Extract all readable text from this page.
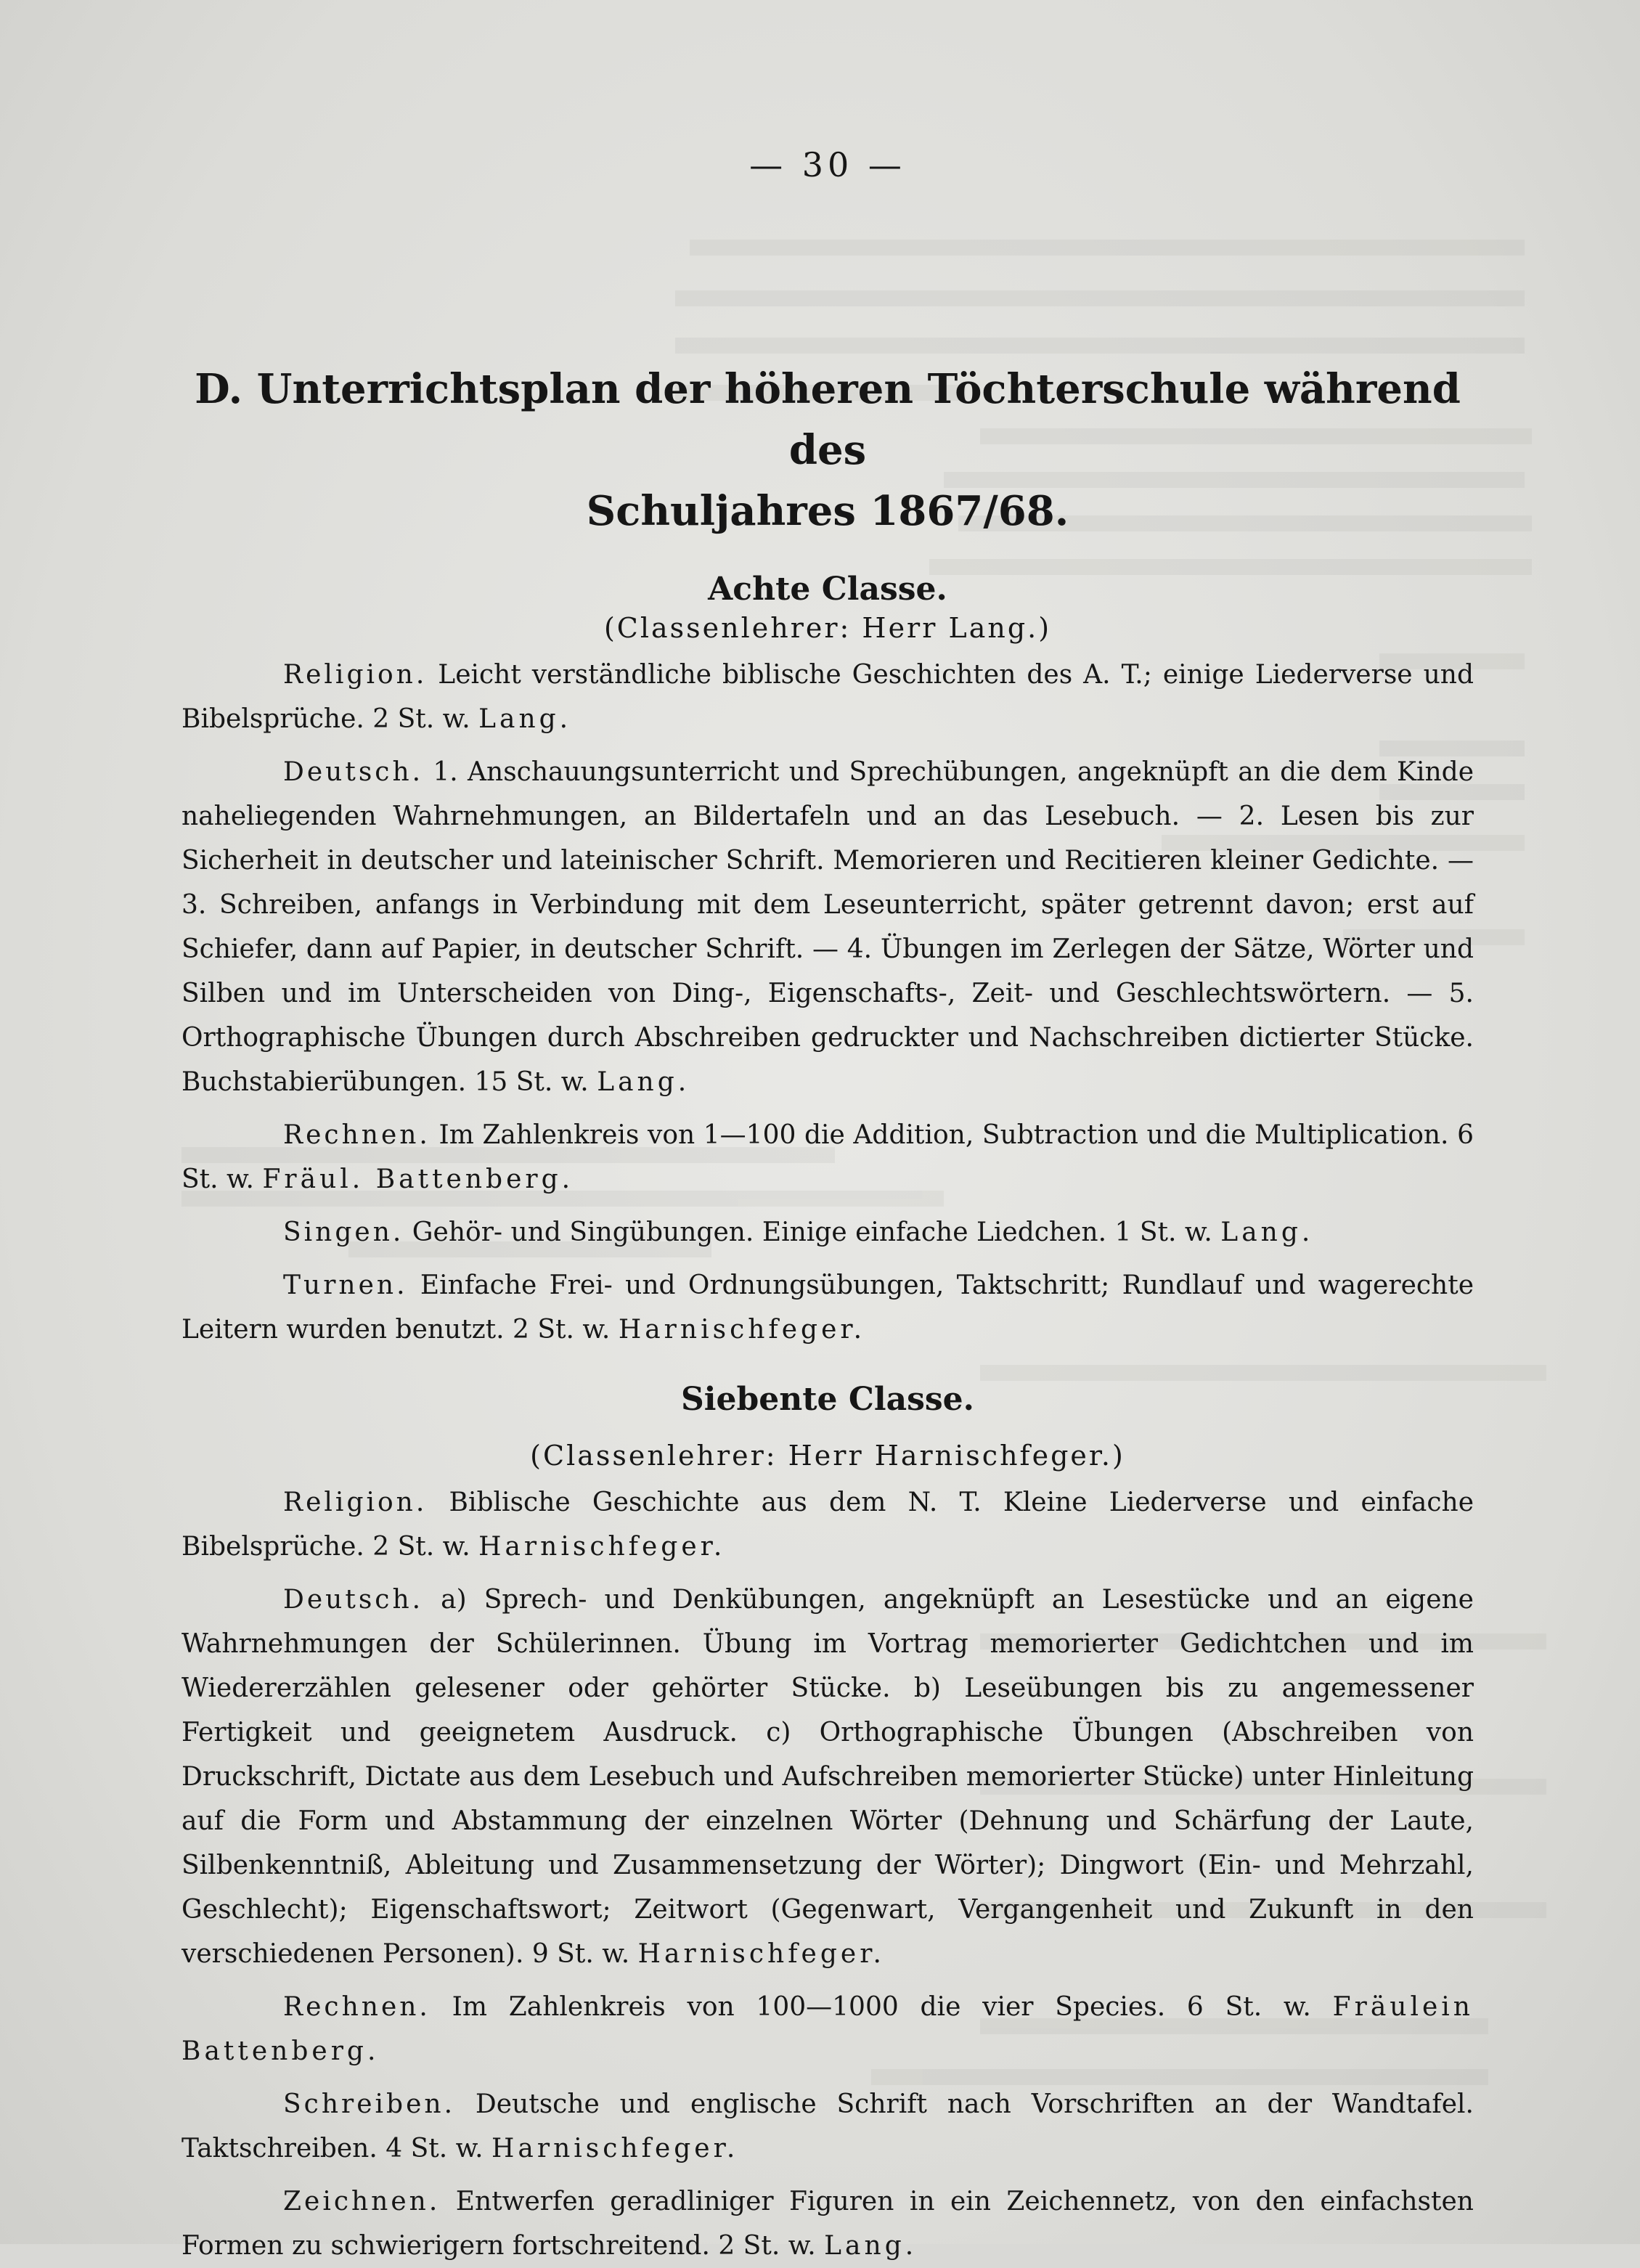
— 30 —
D. Unterrichtsplan der höheren Töchterschule während des
Schuljahres 1867/68.
Achte Classe.

(Classenlehrer: Herr Lang.)

Religion. Leicht verständliche biblische Geschichten des A. T.; einige Liederverse und Bibelsprüche. 2 St. w. Lang.

Deutsch. 1. Anschauungsunterricht und Sprechübungen, angeknüpft an die dem Kinde naheliegenden Wahrnehmungen, an Bildertafeln und an das Lesebuch. — 2. Lesen bis zur Sicherheit in deutscher und lateinischer Schrift. Memorieren und Recitieren kleiner Gedichte. — 3. Schreiben, anfangs in Verbindung mit dem Leseunterricht, später getrennt davon; erst auf Schiefer, dann auf Papier, in deutscher Schrift. — 4. Übungen im Zerlegen der Sätze, Wörter und Silben und im Unterscheiden von Ding-, Eigenschafts-, Zeit- und Geschlechtswörtern. — 5. Orthographische Übungen durch Abschreiben gedruckter und Nachschreiben dictierter Stücke. Buchstabierübungen. 15 St. w. Lang.

Rechnen. Im Zahlenkreis von 1—100 die Addition, Subtraction und die Multiplication. 6 St. w. Fräul. Battenberg.

Singen. Gehör- und Singübungen. Einige einfache Liedchen. 1 St. w. Lang.

Turnen. Einfache Frei- und Ordnungsübungen, Taktschritt; Rundlauf und wagerechte Leitern wurden benutzt. 2 St. w. Harnischfeger.

Siebente Classe.

(Classenlehrer: Herr Harnischfeger.)

Religion. Biblische Geschichte aus dem N. T. Kleine Liederverse und einfache Bibelsprüche. 2 St. w. Harnischfeger.

Deutsch. a) Sprech- und Denkübungen, angeknüpft an Lesestücke und an eigene Wahrnehmungen der Schülerinnen. Übung im Vortrag memorierter Gedichtchen und im Wiedererzählen gelesener oder gehörter Stücke. b) Leseübungen bis zu angemessener Fertigkeit und geeignetem Ausdruck. c) Orthographische Übungen (Abschreiben von Druckschrift, Dictate aus dem Lesebuch und Aufschreiben memorierter Stücke) unter Hinleitung auf die Form und Abstammung der einzelnen Wörter (Dehnung und Schärfung der Laute, Silbenkenntniß, Ableitung und Zusammensetzung der Wörter); Dingwort (Ein- und Mehrzahl, Geschlecht); Eigenschaftswort; Zeitwort (Gegenwart, Vergangenheit und Zukunft in den verschiedenen Personen). 9 St. w. Harnischfeger.

Rechnen. Im Zahlenkreis von 100—1000 die vier Species. 6 St. w. Fräulein Battenberg.

Schreiben. Deutsche und englische Schrift nach Vorschriften an der Wandtafel. Taktschreiben. 4 St. w. Harnischfeger.

Zeichnen. Entwerfen geradliniger Figuren in ein Zeichennetz, von den einfachsten Formen zu schwierigern fortschreitend. 2 St. w. Lang.
